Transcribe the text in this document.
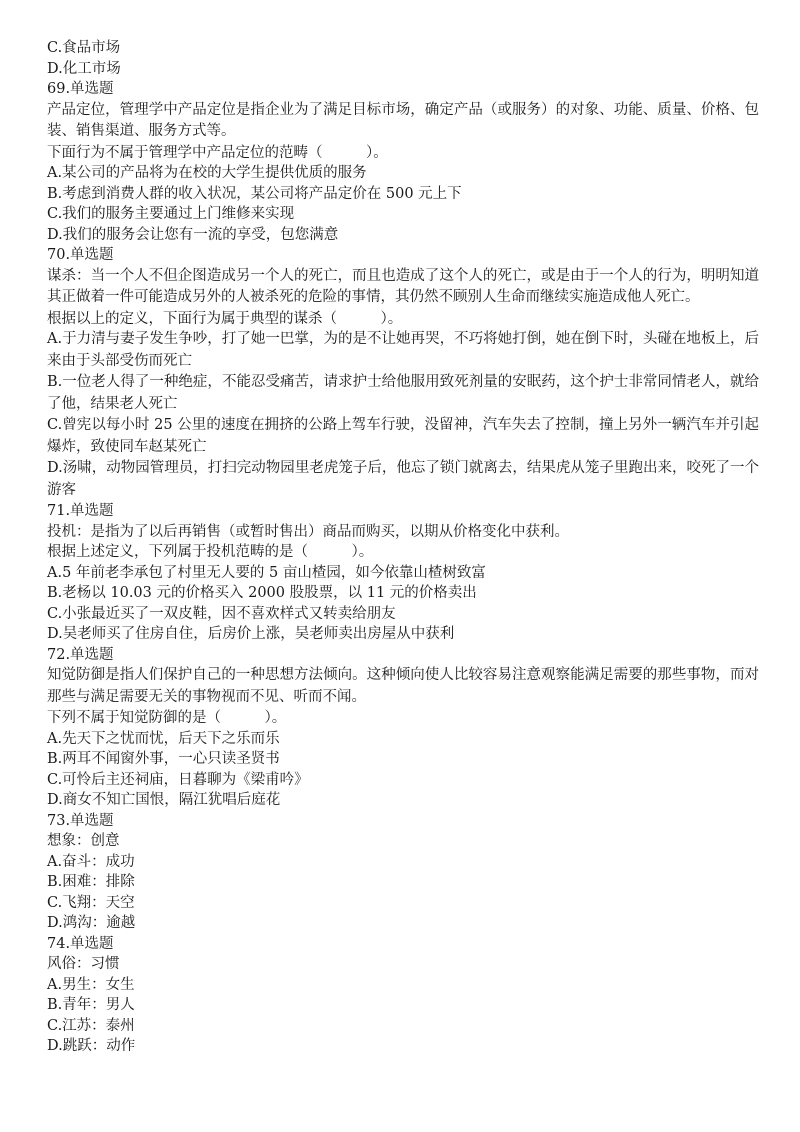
C.食品市场

D.化工市场

69.单选题

产品定位，管理学中产品定位是指企业为了满足目标市场，确定产品（或服务）的对象、功能、质量、价格、包装、销售渠道、服务方式等。

下面行为不属于管理学中产品定位的范畴（　　　）。

A.某公司的产品将为在校的大学生提供优质的服务

B.考虑到消费人群的收入状况，某公司将产品定价在 500 元上下

C.我们的服务主要通过上门维修来实现

D.我们的服务会让您有一流的享受，包您满意

70.单选题

谋杀：当一个人不但企图造成另一个人的死亡，而且也造成了这个人的死亡，或是由于一个人的行为，明明知道其正做着一件可能造成另外的人被杀死的危险的事情，其仍然不顾别人生命而继续实施造成他人死亡。

根据以上的定义，下面行为属于典型的谋杀（　　　）。

A.于力清与妻子发生争吵，打了她一巴掌，为的是不让她再哭，不巧将她打倒，她在倒下时，头碰在地板上，后来由于头部受伤而死亡

B.一位老人得了一种绝症，不能忍受痛苦，请求护士给他服用致死剂量的安眠药，这个护士非常同情老人，就给了他，结果老人死亡

C.曾宪以每小时 25 公里的速度在拥挤的公路上驾车行驶，没留神，汽车失去了控制，撞上另外一辆汽车并引起爆炸，致使同车赵某死亡

D.汤啸，动物园管理员，打扫完动物园里老虎笼子后，他忘了锁门就离去，结果虎从笼子里跑出来，咬死了一个游客

71.单选题

投机：是指为了以后再销售（或暂时售出）商品而购买，以期从价格变化中获利。

根据上述定义，下列属于投机范畴的是（　　　）。

A.5 年前老李承包了村里无人要的 5 亩山楂园，如今依靠山楂树致富

B.老杨以 10.03 元的价格买入 2000 股股票，以 11 元的价格卖出

C.小张最近买了一双皮鞋，因不喜欢样式又转卖给朋友

D.吴老师买了住房自住，后房价上涨，吴老师卖出房屋从中获利

72.单选题

知觉防御是指人们保护自己的一种思想方法倾向。这种倾向使人比较容易注意观察能满足需要的那些事物，而对那些与满足需要无关的事物视而不见、听而不闻。

下列不属于知觉防御的是（　　　）。

A.先天下之忧而忧，后天下之乐而乐

B.两耳不闻窗外事，一心只读圣贤书

C.可怜后主还祠庙，日暮聊为《梁甫吟》

D.商女不知亡国恨，隔江犹唱后庭花

73.单选题

想象：创意

A.奋斗：成功

B.困难：排除

C.飞翔：天空

D.鸿沟：逾越

74.单选题

风俗：习惯

A.男生：女生

B.青年：男人

C.江苏：泰州

D.跳跃：动作
